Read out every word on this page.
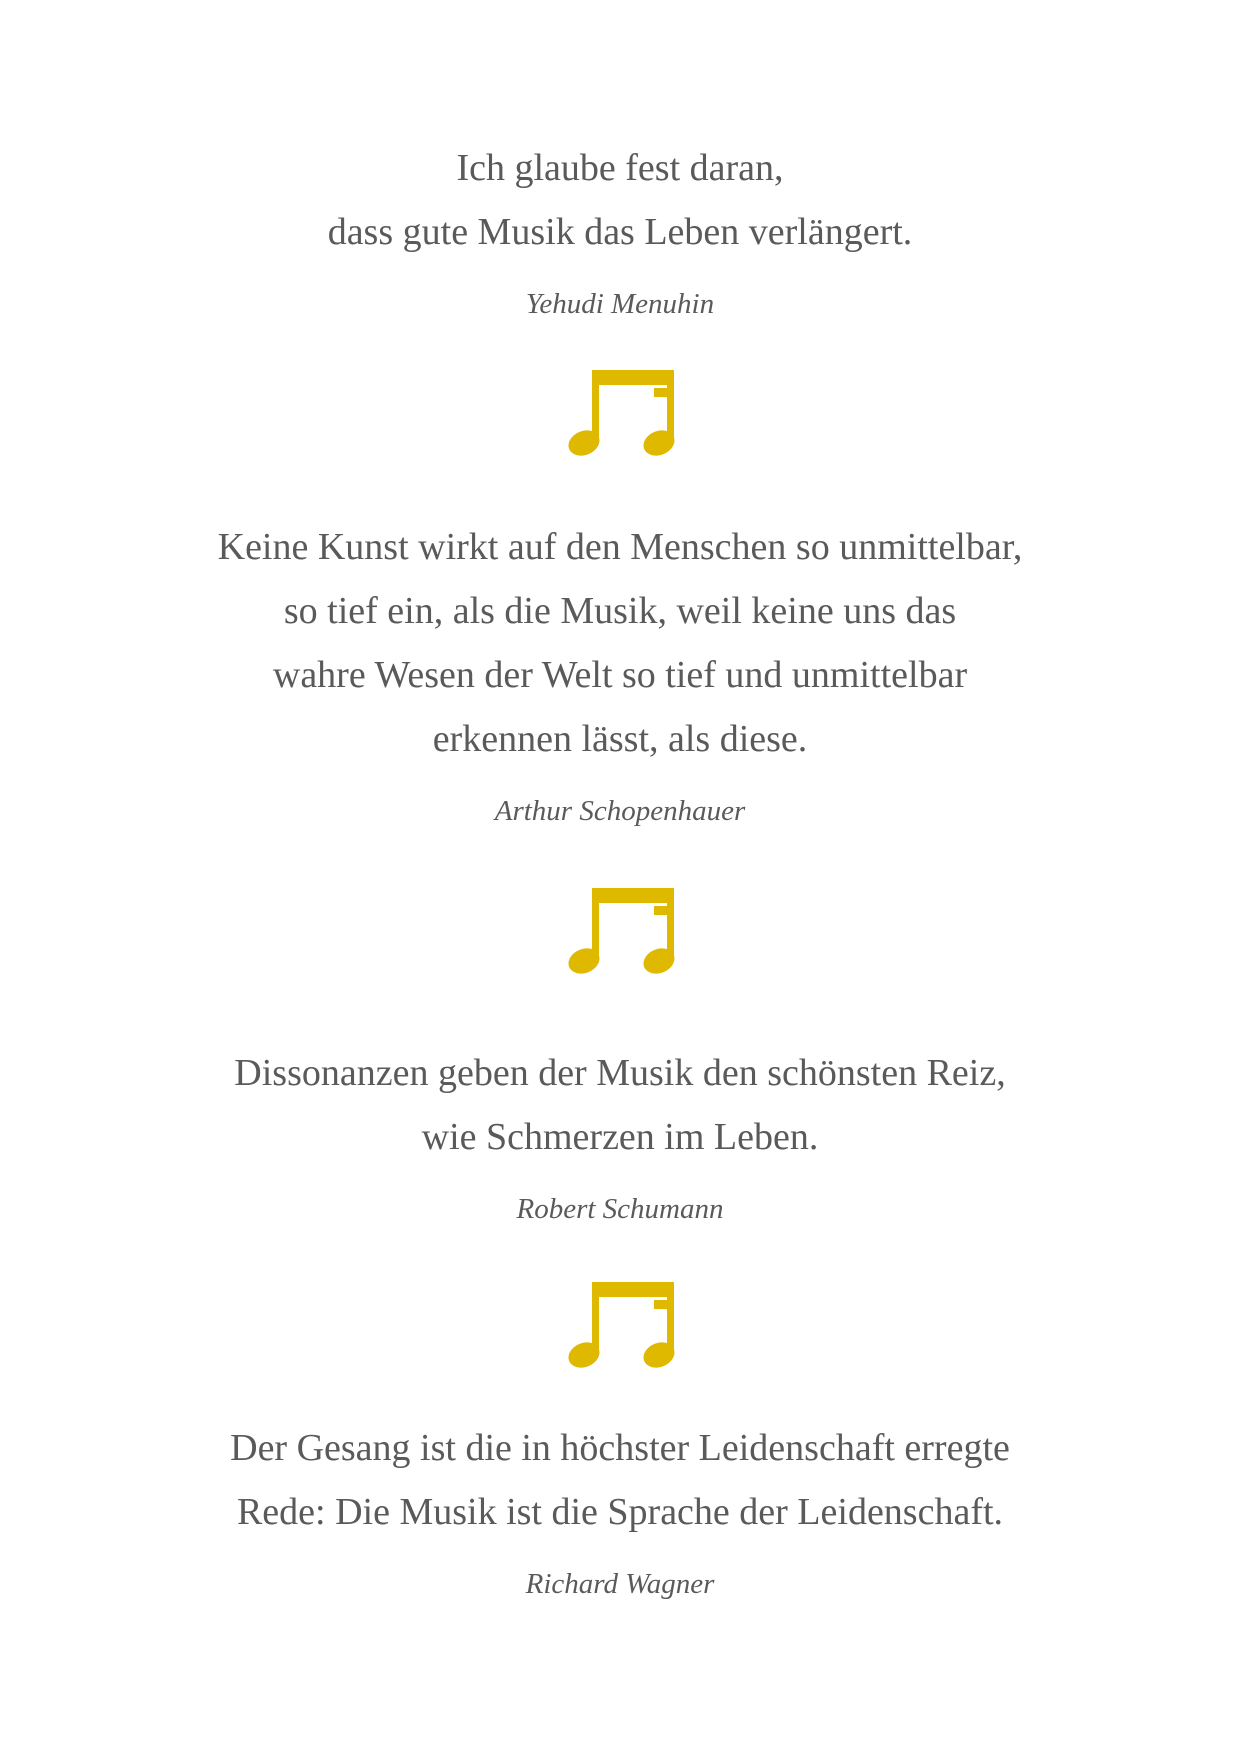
Ich glaube fest daran,
dass gute Musik das Leben verlängert.
Yehudi Menuhin
Keine Kunst wirkt auf den Menschen so unmittelbar,
so tief ein, als die Musik, weil keine uns das
wahre Wesen der Welt so tief und unmittelbar
erkennen lässt, als diese.
Arthur Schopenhauer
Dissonanzen geben der Musik den schönsten Reiz,
wie Schmerzen im Leben.
Robert Schumann
Der Gesang ist die in höchster Leidenschaft erregte
Rede: Die Musik ist die Sprache der Leidenschaft.
Richard Wagner
